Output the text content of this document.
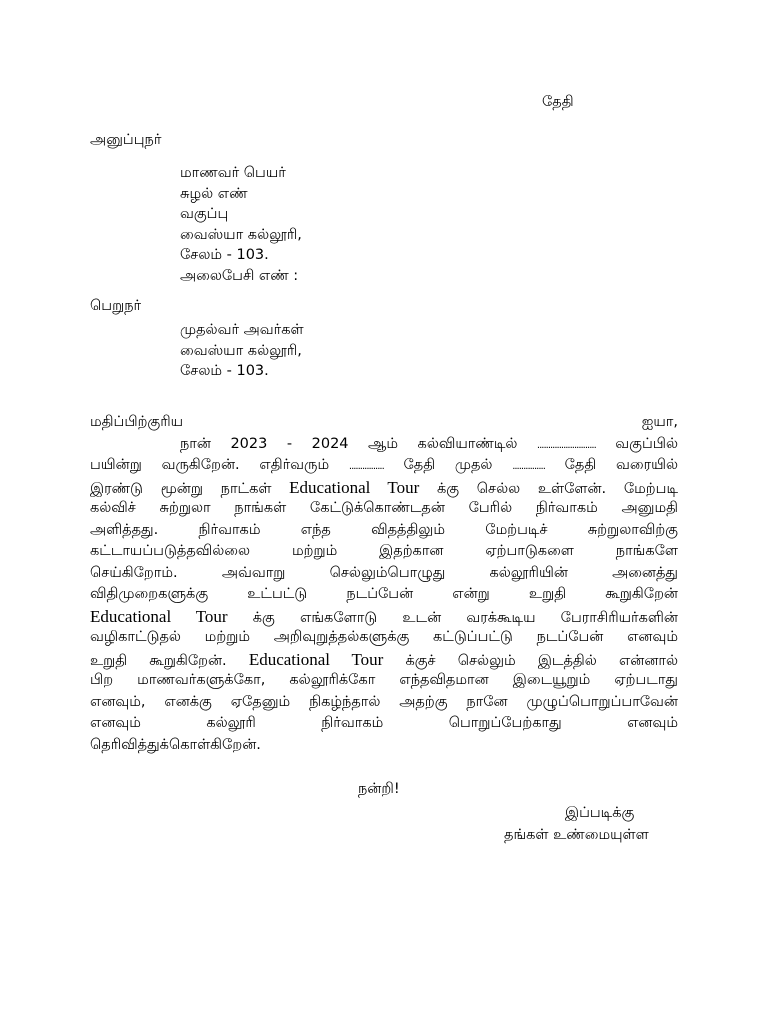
தேதி
அனுப்புநர்
மாணவர் பெயர்
சுழல் எண்
வகுப்பு
வைஸ்யா கல்லூரி,
சேலம் - 103.
அலைபேசி எண் :
பெறுநர்
முதல்வர் அவர்கள்
வைஸ்யா கல்லூரி,
சேலம் - 103.
மதிப்பிற்குரிய ஐயா,
நான் 2023 - 2024 ஆம் கல்வியாண்டில் ........................... வகுப்பில்
பயின்று வருகிறேன். எதிர்வரும் ................ தேதி முதல் ............... தேதி வரையில்
இரண்டு மூன்று நாட்கள் Educational Tour க்கு செல்ல உள்ளேன். மேற்படி
கல்விச் சுற்றுலா நாங்கள் கேட்டுக்கொண்டதன் பேரில் நிர்வாகம் அனுமதி
அளித்தது. நிர்வாகம் எந்த விதத்திலும் மேற்படிச் சுற்றுலாவிற்கு
கட்டாயப்படுத்தவில்லை மற்றும் இதற்கான ஏற்பாடுகளை நாங்களே
செய்கிறோம். அவ்வாறு செல்லும்பொழுது கல்லூரியின் அனைத்து
விதிமுறைகளுக்கு உட்பட்டு நடப்பேன் என்று உறுதி கூறுகிறேன்
Educational Tour க்கு எங்களோடு உடன் வரக்கூடிய பேராசிரியர்களின்
வழிகாட்டுதல் மற்றும் அறிவுறுத்தல்களுக்கு கட்டுப்பட்டு நடப்பேன் எனவும்
உறுதி கூறுகிறேன். Educational Tour க்குச் செல்லும் இடத்தில் என்னால்
பிற மாணவர்களுக்கோ, கல்லூரிக்கோ எந்தவிதமான இடையூறும் ஏற்படாது
எனவும், எனக்கு ஏதேனும் நிகழ்ந்தால் அதற்கு நானே முழுப்பொறுப்பாவேன்
எனவும் கல்லூரி நிர்வாகம் பொறுப்பேற்காது எனவும்
தெரிவித்துக்கொள்கிறேன்.
நன்றி!
இப்படிக்கு
தங்கள் உண்மையுள்ள
